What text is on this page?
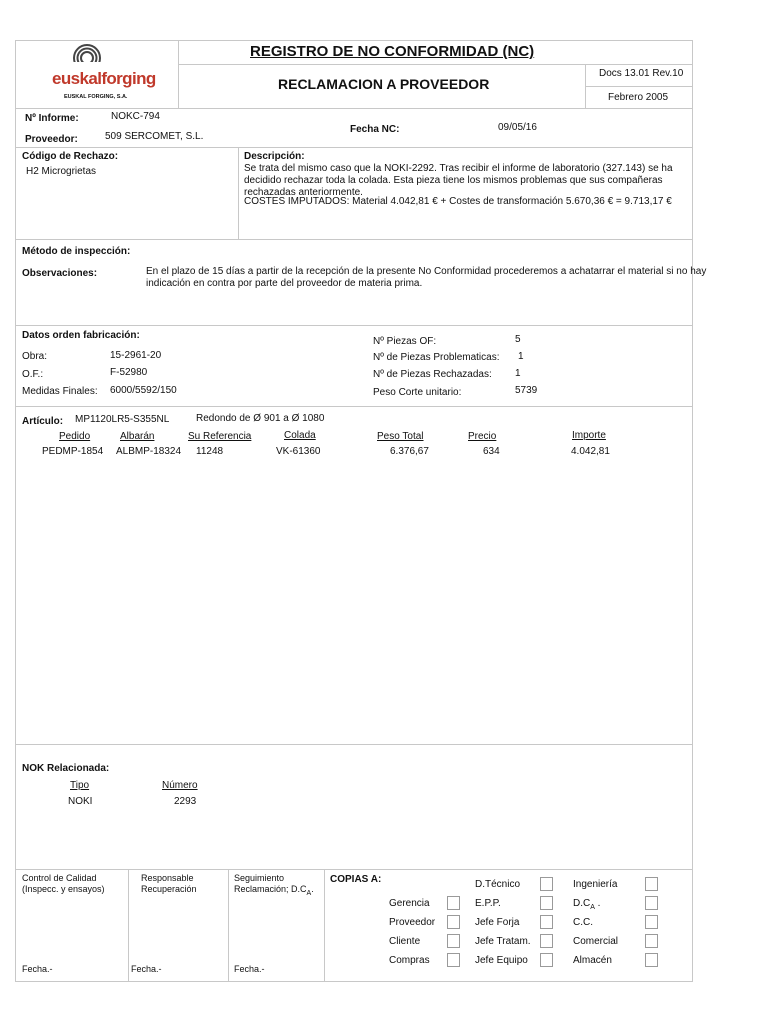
euskalforging
EUSKAL FORGING, S.A.
REGISTRO DE NO CONFORMIDAD (NC)
RECLAMACION A PROVEEDOR
Docs 13.01 Rev.10
Febrero 2005
Nº Informe:	NOKC-794
Proveedor:	509 SERCOMET, S.L.
Fecha NC:	09/05/16
Código de Rechazo:
H2 Microgrietas
Descripción:
Se trata del mismo caso que la NOKI-2292. Tras recibir el informe de laboratorio (327.143) se ha decidido rechazar toda la colada. Esta pieza tiene los mismos problemas que sus compañeras rechazadas anteriormente.
COSTES IMPUTADOS: Material 4.042,81 € + Costes de transformación 5.670,36 € = 9.713,17 €
Método de inspección:
Observaciones:	En el plazo de 15 días a partir de la recepción de la presente No Conformidad procederemos a achatarrar el material si no hay indicación en contra por parte del proveedor de materia prima.
Datos orden fabricación:
Obra:	15-2961-20
O.F.:	F-52980
Medidas Finales: 6000/5592/150
Nº Piezas OF:	5
Nº de Piezas Problematicas: 1
Nº de Piezas Rechazadas: 1
Peso Corte unitario:	5739
Artículo: MP1120LR5-S355NL	Redondo de Ø 901 a Ø 1080
Pedido	Albarán	Su Referencia	Colada	Peso Total	Precio	Importe
PEDMP-1854 ALBMP-18324 11248	VK-61360	6.376,67	634	4.042,81
NOK Relacionada:
Tipo	Número
NOKI	2293
Control de Calidad
(Inspecc. y ensayos)
Responsable
Recuperación
Seguimiento
Reclamación; $D.C_A$.
Fecha.-	Fecha.-	Fecha.-
COPIAS A:
Gerencia
Proveedor
Cliente
Compras
D.Técnico
E.P.P.
Jefe Forja
Jefe Tratam.
Jefe Equipo
Ingeniería
$D.C_A$ .
C.C.
Comercial
Almacén
